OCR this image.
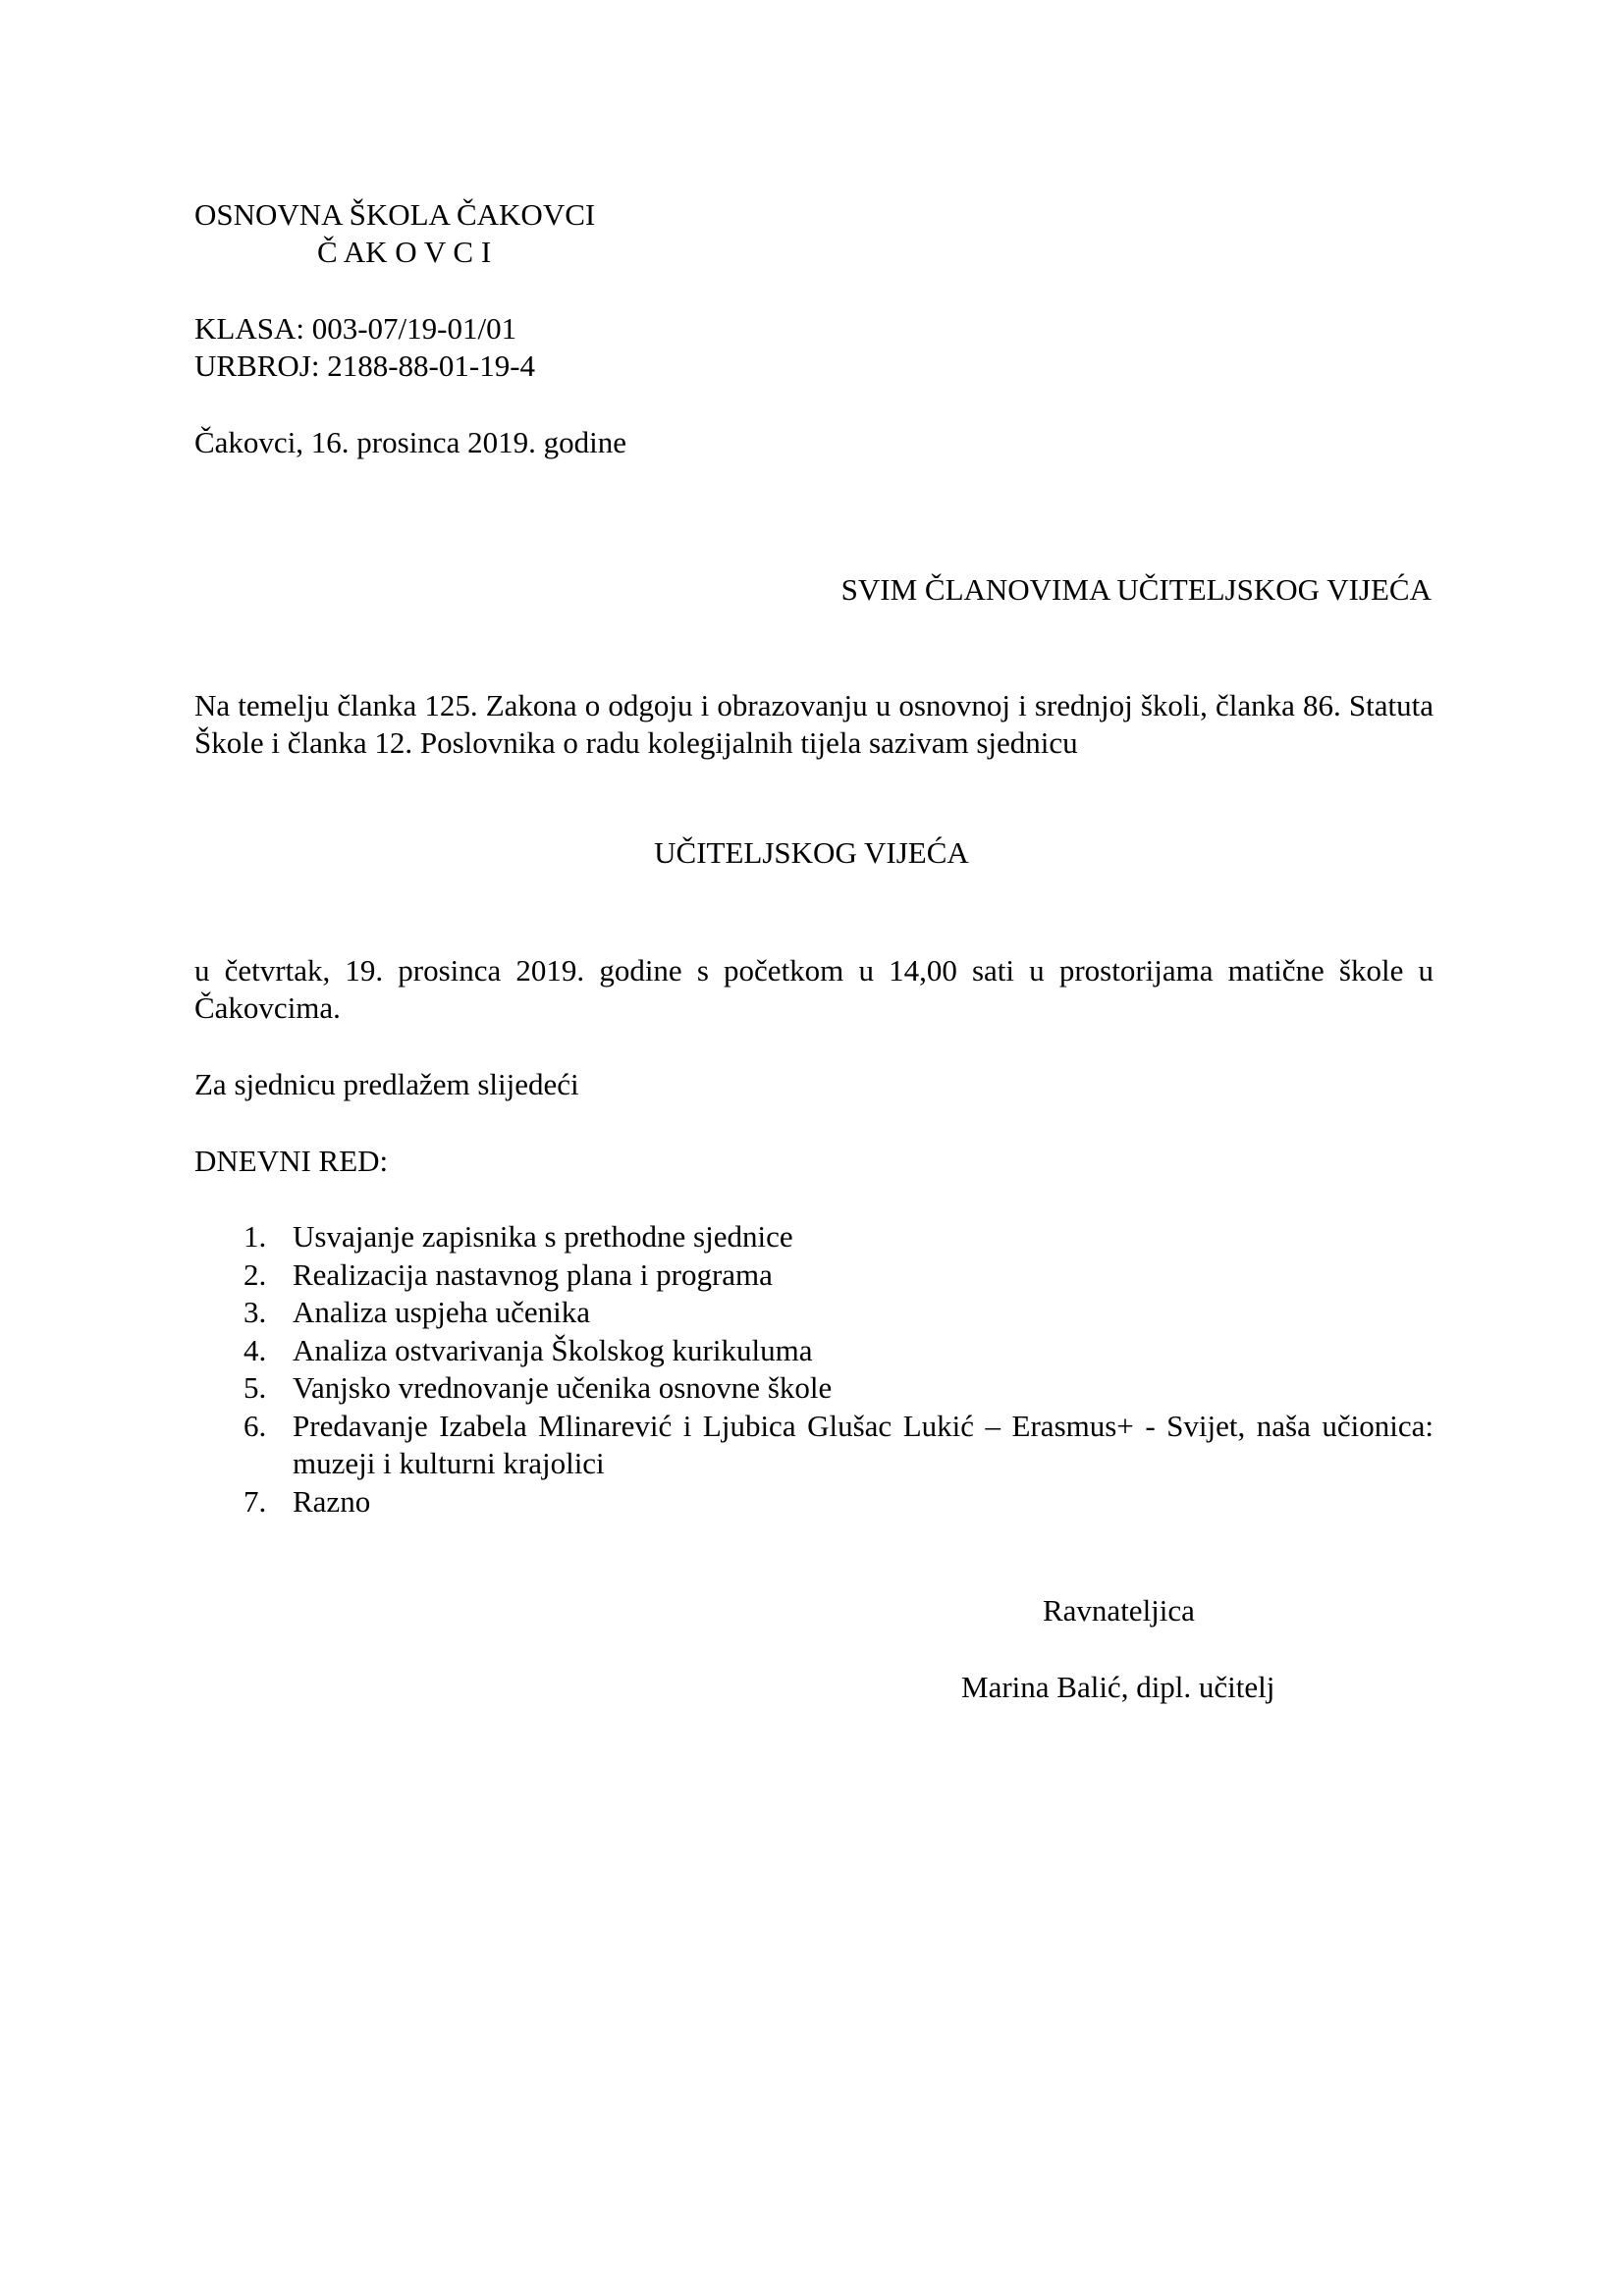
OSNOVNA ŠKOLA ČAKOVCI
Č AK O V C I
KLASA: 003-07/19-01/01
URBROJ: 2188-88-01-19-4
Čakovci, 16. prosinca 2019. godine
SVIM ČLANOVIMA UČITELJSKOG VIJEĆA
Na temelju članka 125. Zakona o odgoju i obrazovanju u osnovnoj i srednjoj školi, članka 86. Statuta Škole i članka 12. Poslovnika o radu kolegijalnih tijela sazivam sjednicu
UČITELJSKOG VIJEĆA
u četvrtak, 19. prosinca 2019. godine s početkom u 14,00 sati u prostorijama matične škole u Čakovcima.
Za sjednicu predlažem slijedeći
DNEVNI RED:
1. Usvajanje zapisnika s prethodne sjednice
2. Realizacija nastavnog plana i programa
3. Analiza uspjeha učenika
4. Analiza ostvarivanja Školskog kurikuluma
5. Vanjsko vrednovanje učenika osnovne škole
6. Predavanje Izabela Mlinarević i Ljubica Glušac Lukić – Erasmus+ - Svijet, naša učionica: muzeji i kulturni krajolici
7. Razno
Ravnateljica
Marina Balić, dipl. učitelj
